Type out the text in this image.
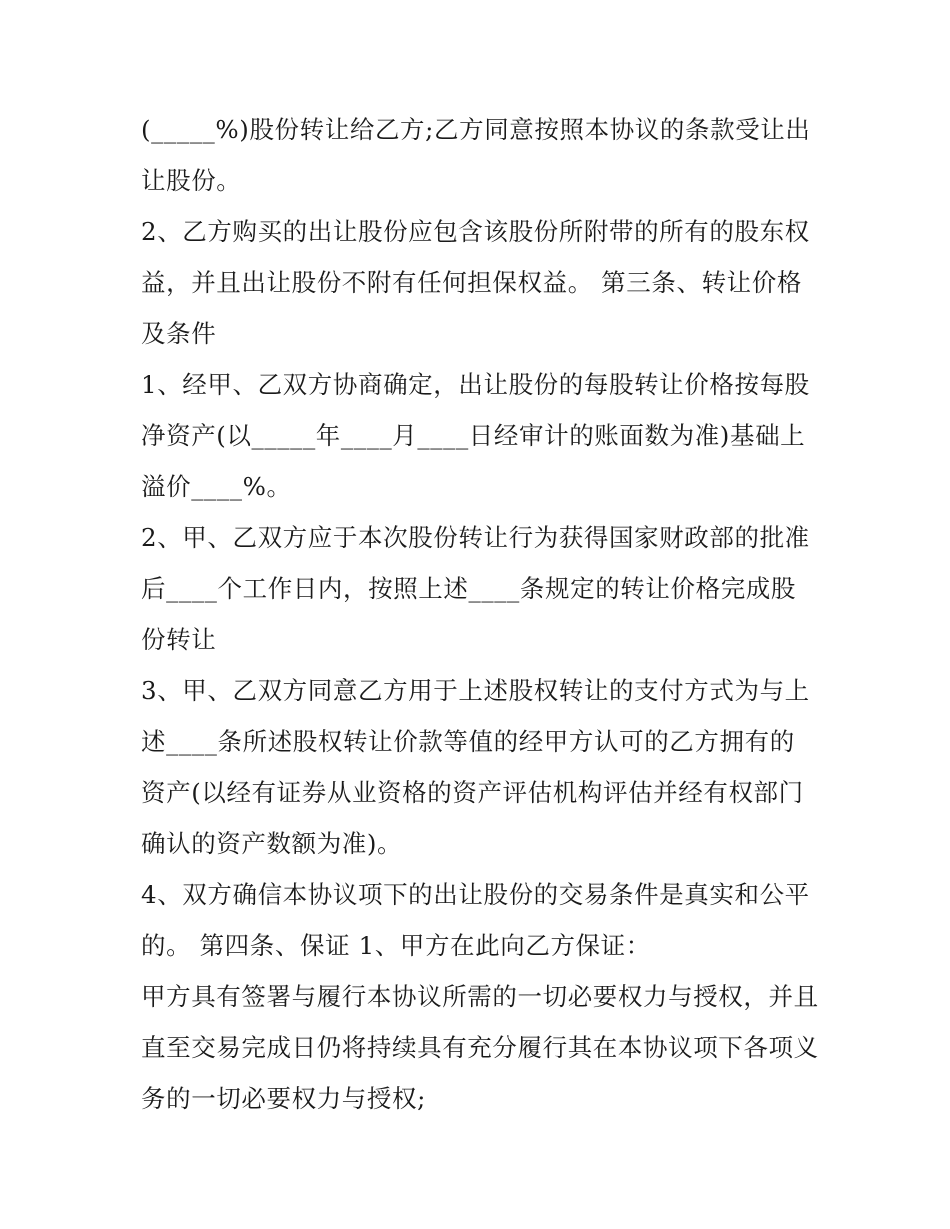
(_____%)股份转让给乙方;乙方同意按照本协议的条款受让出
让股份。
2、乙方购买的出让股份应包含该股份所附带的所有的股东权
益，并且出让股份不附有任何担保权益。 第三条、转让价格
及条件
1、经甲、乙双方协商确定，出让股份的每股转让价格按每股
净资产(以_____年____月____日经审计的账面数为准)基础上
溢价____%。
2、甲、乙双方应于本次股份转让行为获得国家财政部的批准
后____个工作日内，按照上述____条规定的转让价格完成股
份转让
3、甲、乙双方同意乙方用于上述股权转让的支付方式为与上
述____条所述股权转让价款等值的经甲方认可的乙方拥有的
资产(以经有证券从业资格的资产评估机构评估并经有权部门
确认的资产数额为准)。
4、双方确信本协议项下的出让股份的交易条件是真实和公平
的。 第四条、保证 1、甲方在此向乙方保证：
甲方具有签署与履行本协议所需的一切必要权力与授权，并且
直至交易完成日仍将持续具有充分履行其在本协议项下各项义
务的一切必要权力与授权;
